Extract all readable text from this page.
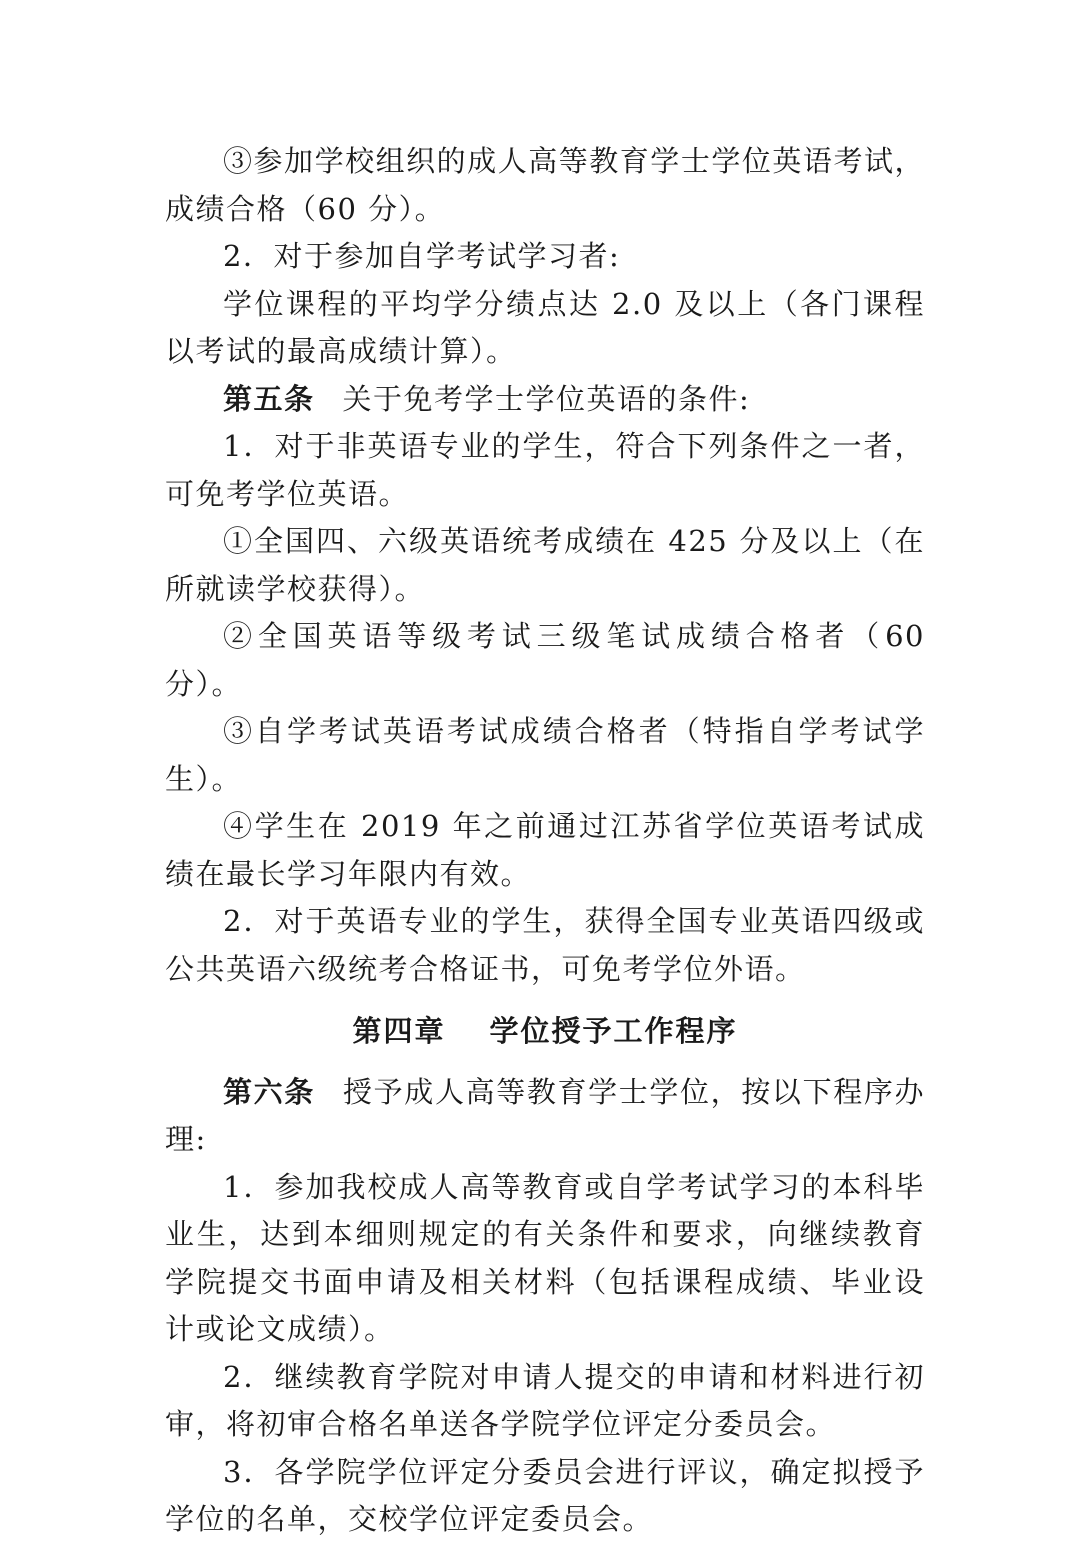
③参加学校组织的成人高等教育学士学位英语考试，成绩合格（60 分）。

2．对于参加自学考试学习者:

学位课程的平均学分绩点达 2.0 及以上（各门课程以考试的最高成绩计算）。

第五条 关于免考学士学位英语的条件:

1．对于非英语专业的学生，符合下列条件之一者，可免考学位英语。

①全国四、六级英语统考成绩在 425 分及以上（在所就读学校获得）。

②全国英语等级考试三级笔试成绩合格者（60 分）。

③自学考试英语考试成绩合格者（特指自学考试学生）。

④学生在 2019 年之前通过江苏省学位英语考试成绩在最长学习年限内有效。

2．对于英语专业的学生，获得全国专业英语四级或公共英语六级统考合格证书，可免考学位外语。

第四章 学位授予工作程序

第六条 授予成人高等教育学士学位，按以下程序办理:

1．参加我校成人高等教育或自学考试学习的本科毕业生，达到本细则规定的有关条件和要求，向继续教育学院提交书面申请及相关材料（包括课程成绩、毕业设计或论文成绩）。

2．继续教育学院对申请人提交的申请和材料进行初审，将初审合格名单送各学院学位评定分委员会。

3．各学院学位评定分委员会进行评议，确定拟授予学位的名单，交校学位评定委员会。
